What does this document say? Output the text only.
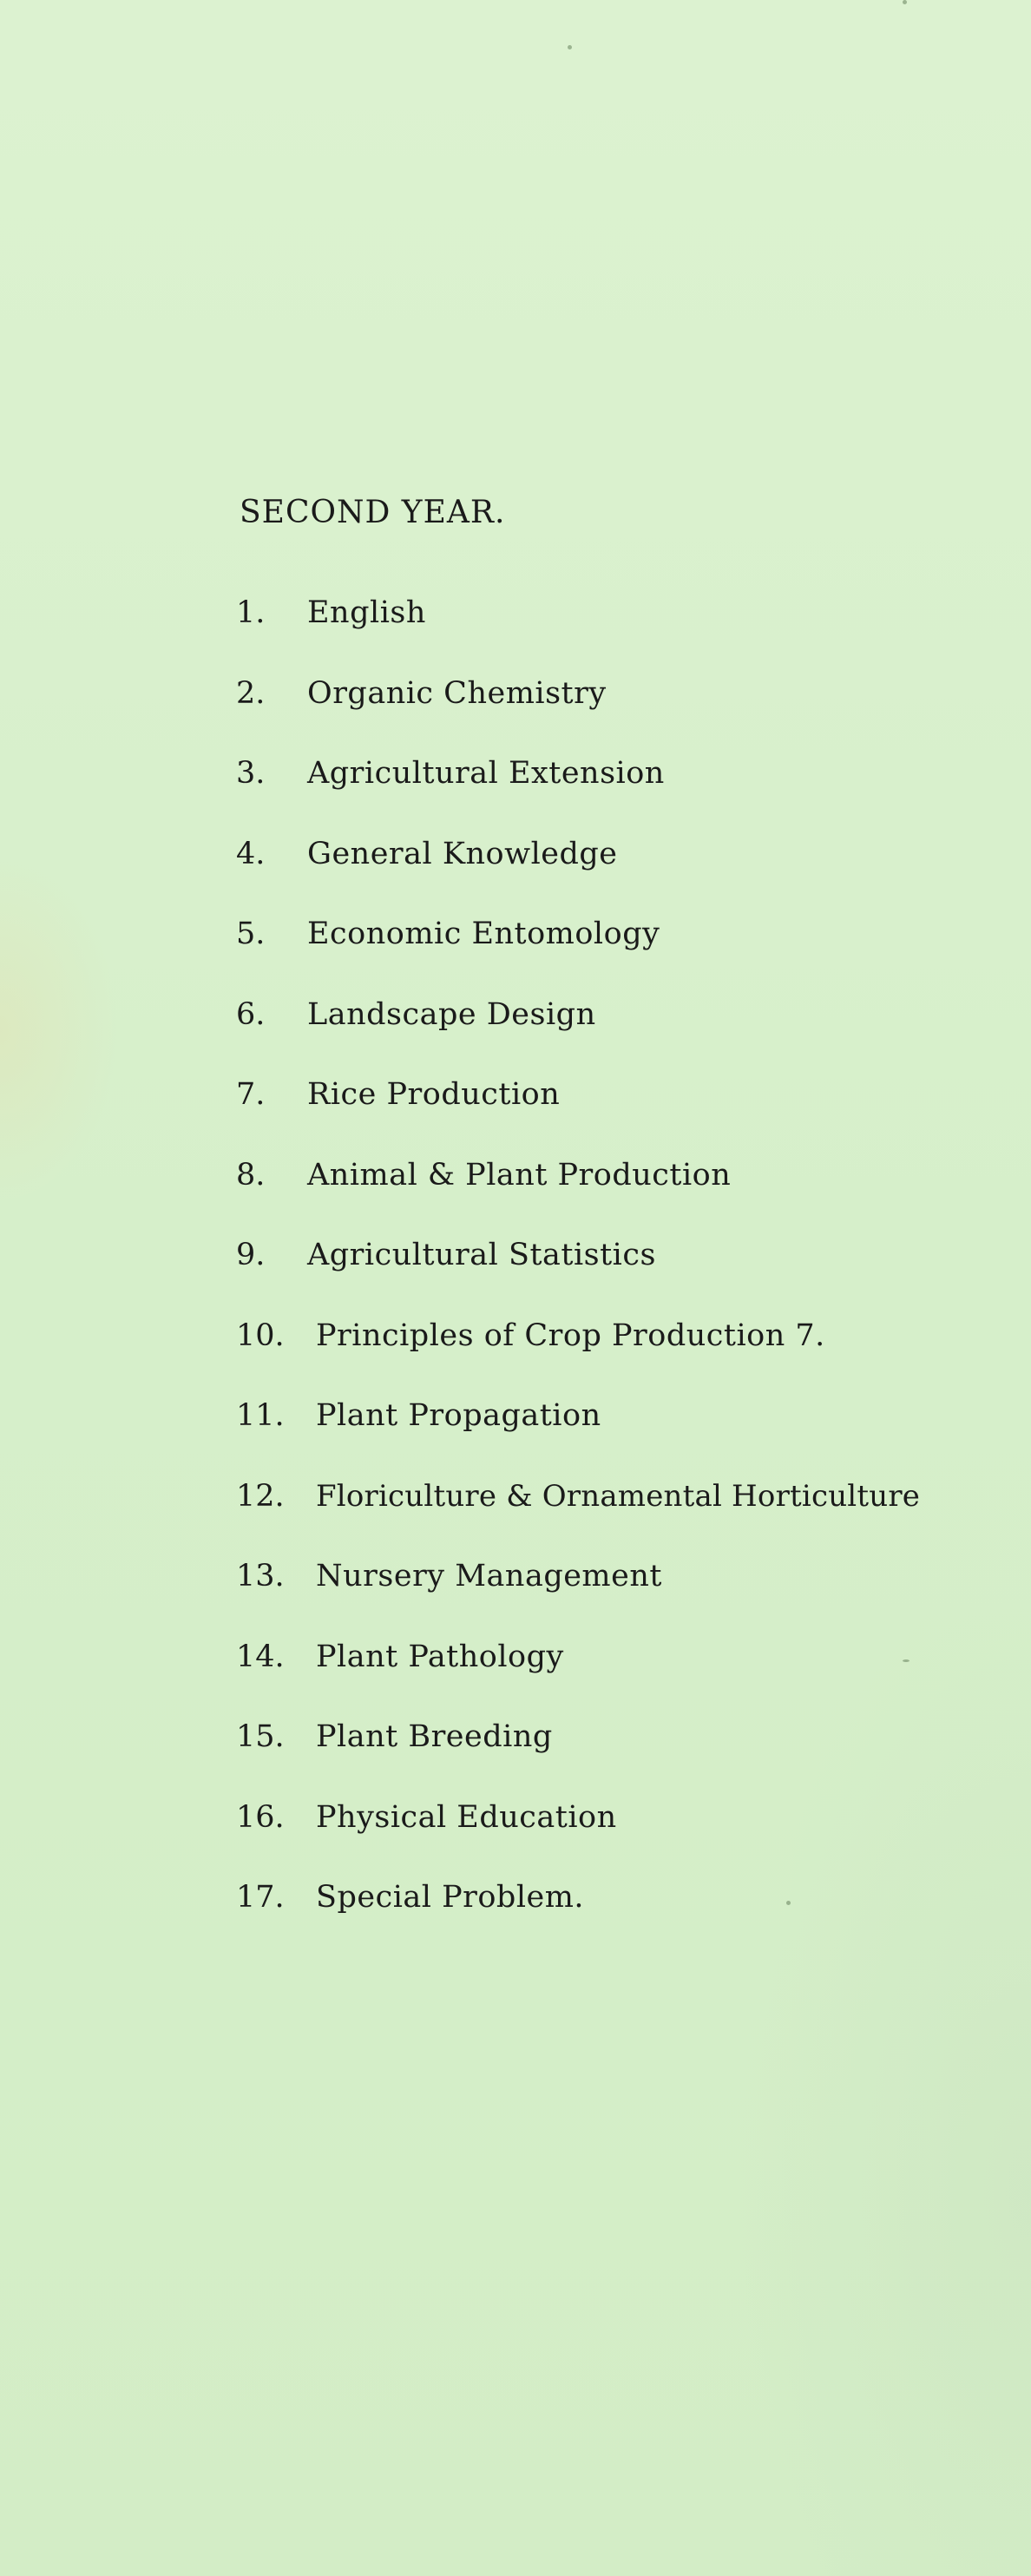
SECOND YEAR.
1. English
2. Organic Chemistry
3. Agricultural Extension
4. General Knowledge
5. Economic Entomology
6. Landscape Design
7. Rice Production
8. Animal & Plant Production
9. Agricultural Statistics
10. Principles of Crop Production 7.
11. Plant Propagation
12. Floriculture & Ornamental Horticulture
13. Nursery Management
14. Plant Pathology
15. Plant Breeding
16. Physical Education
17. Special Problem.
